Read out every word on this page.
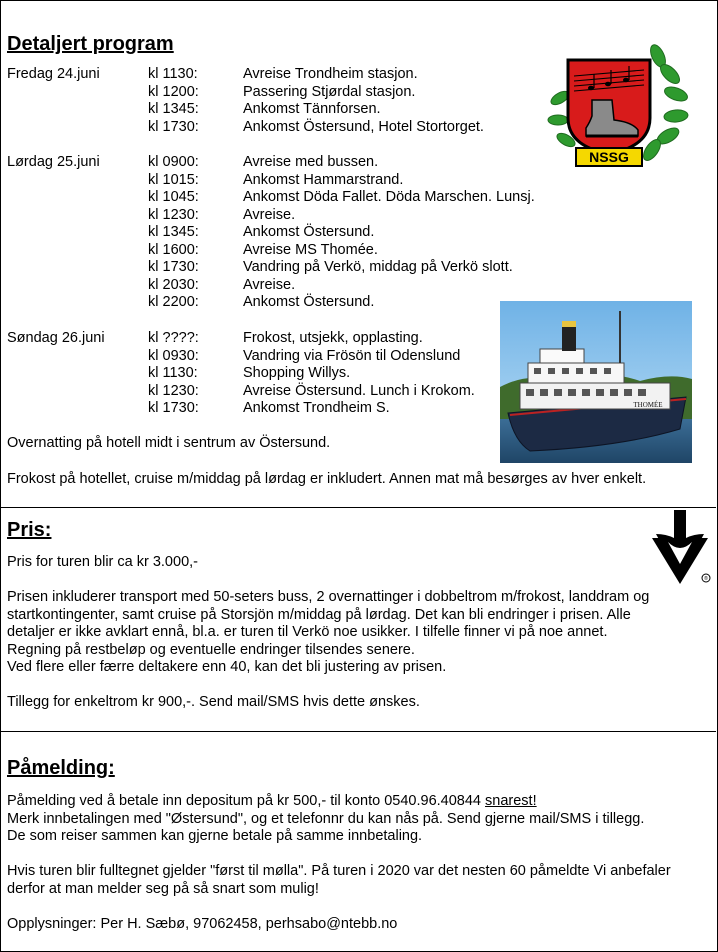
Detaljert program
Fredag 24.juni	kl 1130:	Avreise Trondheim stasjon.
kl 1200:	Passering Stjørdal stasjon.
kl 1345:	Ankomst Tännforsen.
kl 1730:	Ankomst Östersund, Hotel Stortorget.
Lørdag 25.juni	kl 0900:	Avreise med bussen.
kl 1015:	Ankomst Hammarstrand.
kl 1045:	Ankomst Döda Fallet. Döda Marschen. Lunsj.
kl 1230:	Avreise.
kl 1345:	Ankomst Östersund.
kl 1600:	Avreise MS Thomée.
kl 1730:	Vandring på Verkö, middag på Verkö slott.
kl 2030:	Avreise.
kl 2200:	Ankomst Östersund.
Søndag 26.juni	kl ????:	Frokost, utsjekk, opplasting.
kl 0930:	Vandring via Frösön til Odenslund
kl 1130:	Shopping Willys.
kl 1230:	Avreise Östersund. Lunch i Krokom.
kl 1730:	Ankomst Trondheim S.
Overnatting på hotell midt i sentrum av Östersund.
Frokost på hotellet, cruise m/middag på lørdag er inkludert. Annen mat må besørges av hver enkelt.
NSSG
THOMÉE
Pris:
®
Pris for turen blir ca kr 3.000,-
Prisen inkluderer transport med 50-seters buss, 2 overnattinger i dobbeltrom m/frokost, landdram og
startkontingenter, samt cruise på Storsjön m/middag på lørdag. Det kan bli endringer i prisen. Alle
detaljer er ikke avklart ennå, bl.a. er turen til Verkö noe usikker. I tilfelle finner vi på noe annet.
Regning på restbeløp og eventuelle endringer tilsendes senere.
Ved flere eller færre deltakere enn 40, kan det bli justering av prisen.
Tillegg for enkeltrom kr 900,-. Send mail/SMS hvis dette ønskes.
Påmelding:
Påmelding ved å betale inn depositum på kr 500,- til konto 0540.96.40844 snarest!
Merk innbetalingen med "Østersund", og et telefonnr du kan nås på. Send gjerne mail/SMS i tillegg.
De som reiser sammen kan gjerne betale på samme innbetaling.
Hvis turen blir fulltegnet gjelder "først til mølla". På turen i 2020 var det nesten 60 påmeldte Vi anbefaler
derfor at man melder seg på så snart som mulig!
Opplysninger: Per H. Sæbø, 97062458, perhsabo@ntebb.no
